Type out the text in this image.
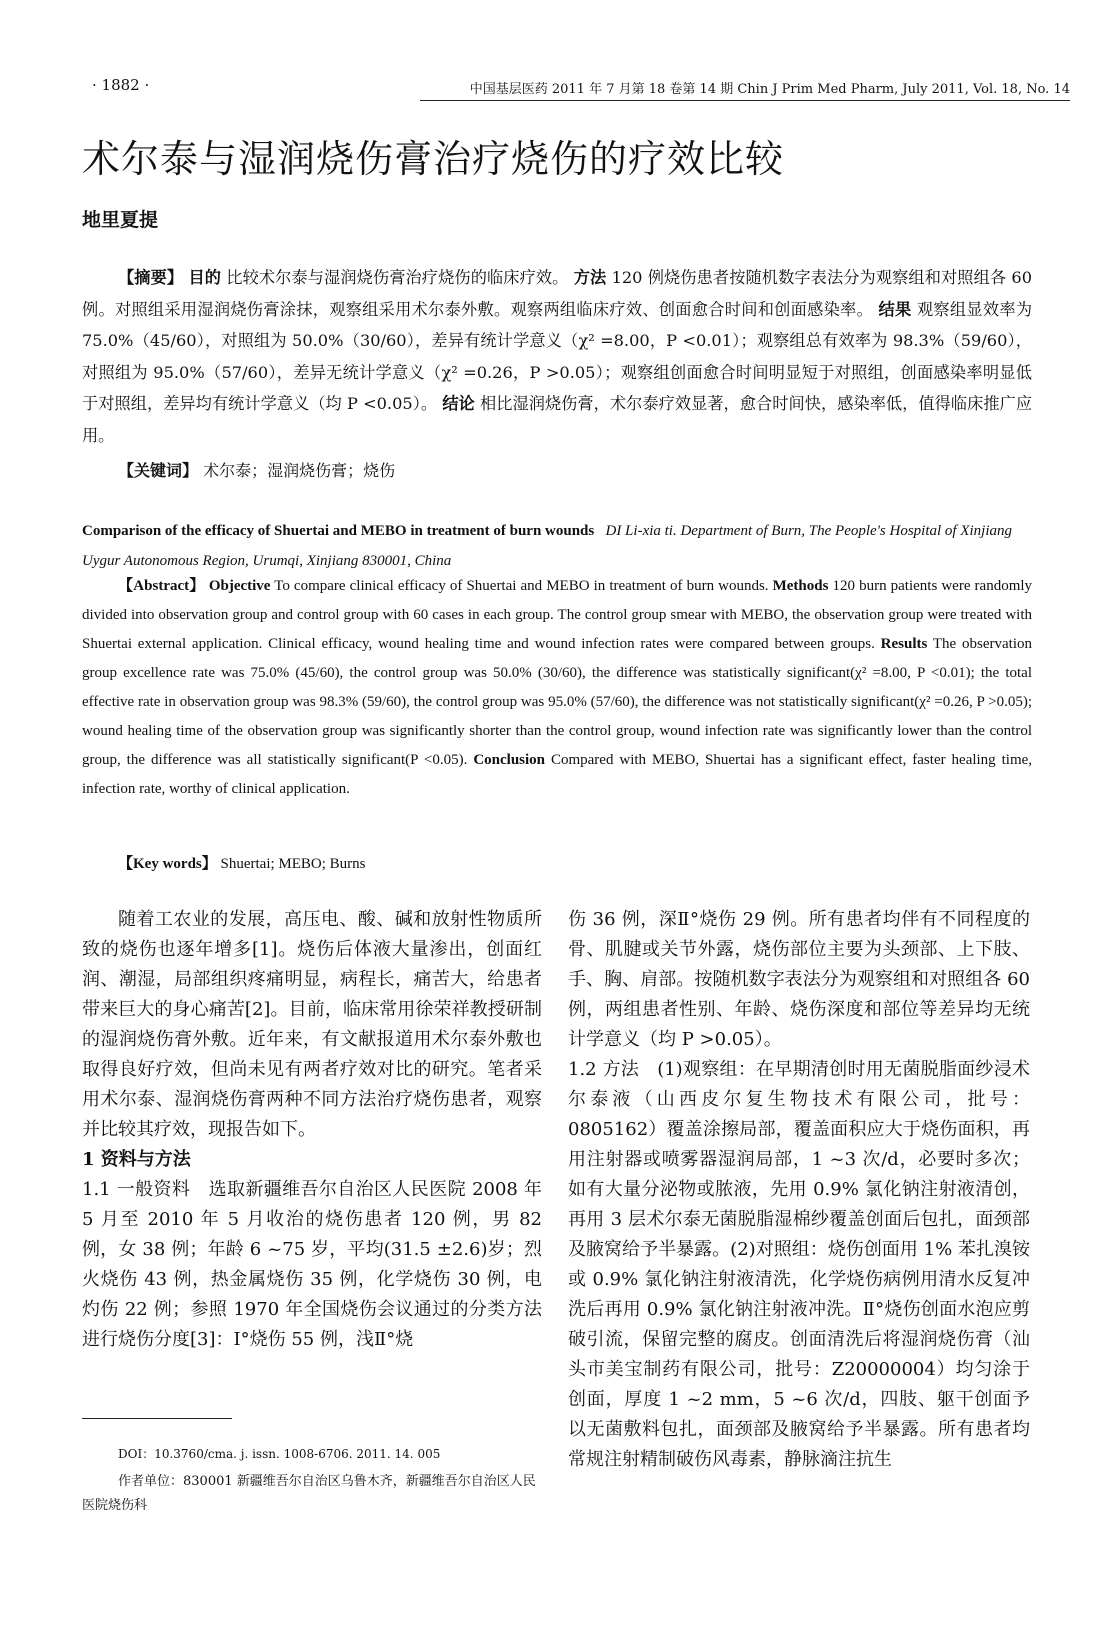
· 1882 ·	中国基层医药 2011 年 7 月第 18 卷第 14 期 Chin J Prim Med Pharm, July 2011, Vol. 18, No. 14
术尔泰与湿润烧伤膏治疗烧伤的疗效比较
地里夏提

【摘要】 目的 比较术尔泰与湿润烧伤膏治疗烧伤的临床疗效。 方法 120 例烧伤患者按随机数字表法分为观察组和对照组各 60 例。对照组采用湿润烧伤膏涂抹，观察组采用术尔泰外敷。观察两组临床疗效、创面愈合时间和创面感染率。 结果 观察组显效率为 75.0%（45/60），对照组为 50.0%（30/60），差异有统计学意义（χ² =8.00，P <0.01）；观察组总有效率为 98.3%（59/60），对照组为 95.0%（57/60），差异无统计学意义（χ² =0.26，P >0.05）；观察组创面愈合时间明显短于对照组，创面感染率明显低于对照组，差异均有统计学意义（均 P <0.05）。 结论 相比湿润烧伤膏，术尔泰疗效显著，愈合时间快，感染率低，值得临床推广应用。

【关键词】 术尔泰；湿润烧伤膏；烧伤

Comparison of the efficacy of Shuertai and MEBO in treatment of burn wounds DI Li-xia ti. Department of Burn, The People's Hospital of Xinjiang Uygur Autonomous Region, Urumqi, Xinjiang 830001, China

【Abstract】 Objective To compare clinical efficacy of Shuertai and MEBO in treatment of burn wounds. Methods 120 burn patients were randomly divided into observation group and control group with 60 cases in each group. The control group smear with MEBO, the observation group were treated with Shuertai external application. Clinical efficacy, wound healing time and wound infection rates were compared between groups. Results The observation group excellence rate was 75.0% (45/60), the control group was 50.0% (30/60), the difference was statistically significant(χ² =8.00, P <0.01); the total effective rate in observation group was 98.3% (59/60), the control group was 95.0% (57/60), the difference was not statistically significant(χ² =0.26, P >0.05); wound healing time of the observation group was significantly shorter than the control group, wound infection rate was significantly lower than the control group, the difference was all statistically significant(P <0.05). Conclusion Compared with MEBO, Shuertai has a significant effect, faster healing time, infection rate, worthy of clinical application.

【Key words】 Shuertai; MEBO; Burns

随着工农业的发展，高压电、酸、碱和放射性物质所致的烧伤也逐年增多[1]。烧伤后体液大量渗出，创面红润、潮湿，局部组织疼痛明显，病程长，痛苦大，给患者带来巨大的身心痛苦[2]。目前，临床常用徐荣祥教授研制的湿润烧伤膏外敷。近年来，有文献报道用术尔泰外敷也取得良好疗效，但尚未见有两者疗效对比的研究。笔者采用术尔泰、湿润烧伤膏两种不同方法治疗烧伤患者，观察并比较其疗效，现报告如下。

1 资料与方法

1.1 一般资料 选取新疆维吾尔自治区人民医院 2008 年 5 月至 2010 年 5 月收治的烧伤患者 120 例，男 82 例，女 38 例；年龄 6 ~75 岁，平均(31.5 ±2.6)岁；烈火烧伤 43 例，热金属烧伤 35 例，化学烧伤 30 例，电灼伤 22 例；参照 1970 年全国烧伤会议通过的分类方法进行烧伤分度[3]：Ⅰ°烧伤 55 例，浅Ⅱ°烧

伤 36 例，深Ⅱ°烧伤 29 例。所有患者均伴有不同程度的骨、肌腱或关节外露，烧伤部位主要为头颈部、上下肢、手、胸、肩部。按随机数字表法分为观察组和对照组各 60 例，两组患者性别、年龄、烧伤深度和部位等差异均无统计学意义（均 P >0.05）。

1.2 方法 (1)观察组：在早期清创时用无菌脱脂面纱浸术尔泰液（山西皮尔复生物技术有限公司，批号：0805162）覆盖涂擦局部，覆盖面积应大于烧伤面积，再用注射器或喷雾器湿润局部，1 ~3 次/d，必要时多次；如有大量分泌物或脓液，先用 0.9% 氯化钠注射液清创，再用 3 层术尔泰无菌脱脂湿棉纱覆盖创面后包扎，面颈部及腋窝给予半暴露。(2)对照组：烧伤创面用 1% 苯扎溴铵或 0.9% 氯化钠注射液清洗，化学烧伤病例用清水反复冲洗后再用 0.9% 氯化钠注射液冲洗。Ⅱ°烧伤创面水泡应剪破引流，保留完整的腐皮。创面清洗后将湿润烧伤膏（汕头市美宝制药有限公司，批号：Z20000004）均匀涂于创面，厚度 1 ~2 mm，5 ~6 次/d，四肢、躯干创面予以无菌敷料包扎，面颈部及腋窝给予半暴露。所有患者均常规注射精制破伤风毒素，静脉滴注抗生

DOI：10.3760/cma. j. issn. 1008-6706. 2011. 14. 005

作者单位：830001 新疆维吾尔自治区乌鲁木齐，新疆维吾尔自治区人民医院烧伤科
